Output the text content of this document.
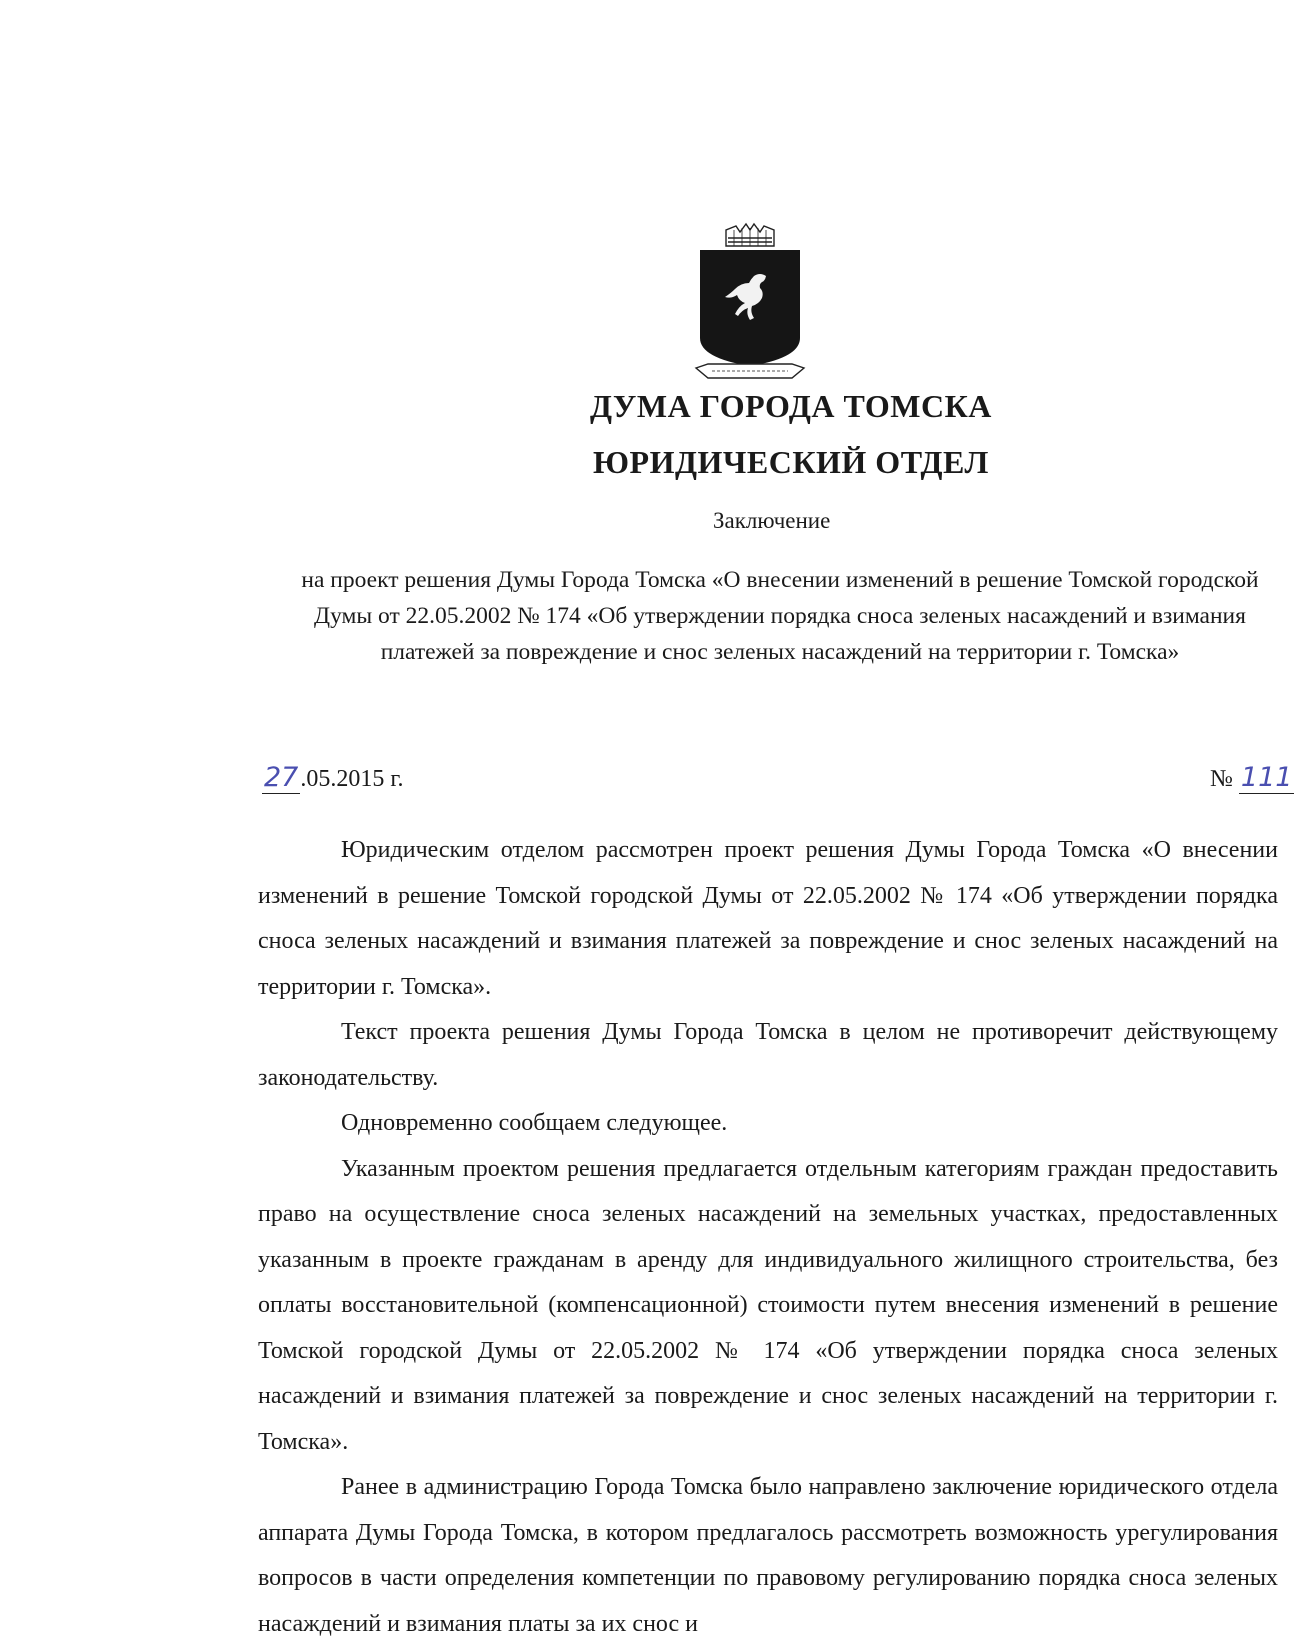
ДУМА ГОРОДА ТОМСКА
ЮРИДИЧЕСКИЙ ОТДЕЛ
Заключение
на проект решения Думы Города Томска «О внесении изменений в решение Томской городской Думы от 22.05.2002 № 174 «Об утверждении порядка сноса зеленых насаждений и взимания платежей за повреждение и снос зеленых насаждений на территории г. Томска»
27.05.2015 г.	№ 111

Юридическим отделом рассмотрен проект решения Думы Города Томска «О внесении изменений в решение Томской городской Думы от 22.05.2002 № 174 «Об утверждении порядка сноса зеленых насаждений и взимания платежей за повреждение и снос зеленых насаждений на территории г. Томска».

Текст проекта решения Думы Города Томска в целом не противоречит действующему законодательству.

Одновременно сообщаем следующее.

Указанным проектом решения предлагается отдельным категориям граждан предоставить право на осуществление сноса зеленых насаждений на земельных участках, предоставленных указанным в проекте гражданам в аренду для индивидуального жилищного строительства, без оплаты восстановительной (компенсационной) стоимости путем внесения изменений в решение Томской городской Думы от 22.05.2002 № 174 «Об утверждении порядка сноса зеленых насаждений и взимания платежей за повреждение и снос зеленых насаждений на территории г. Томска».

Ранее в администрацию Города Томска было направлено заключение юридического отдела аппарата Думы Города Томска, в котором предлагалось рассмотреть возможность урегулирования вопросов в части определения компетенции по правовому регулированию порядка сноса зеленых насаждений и взимания платы за их снос и
